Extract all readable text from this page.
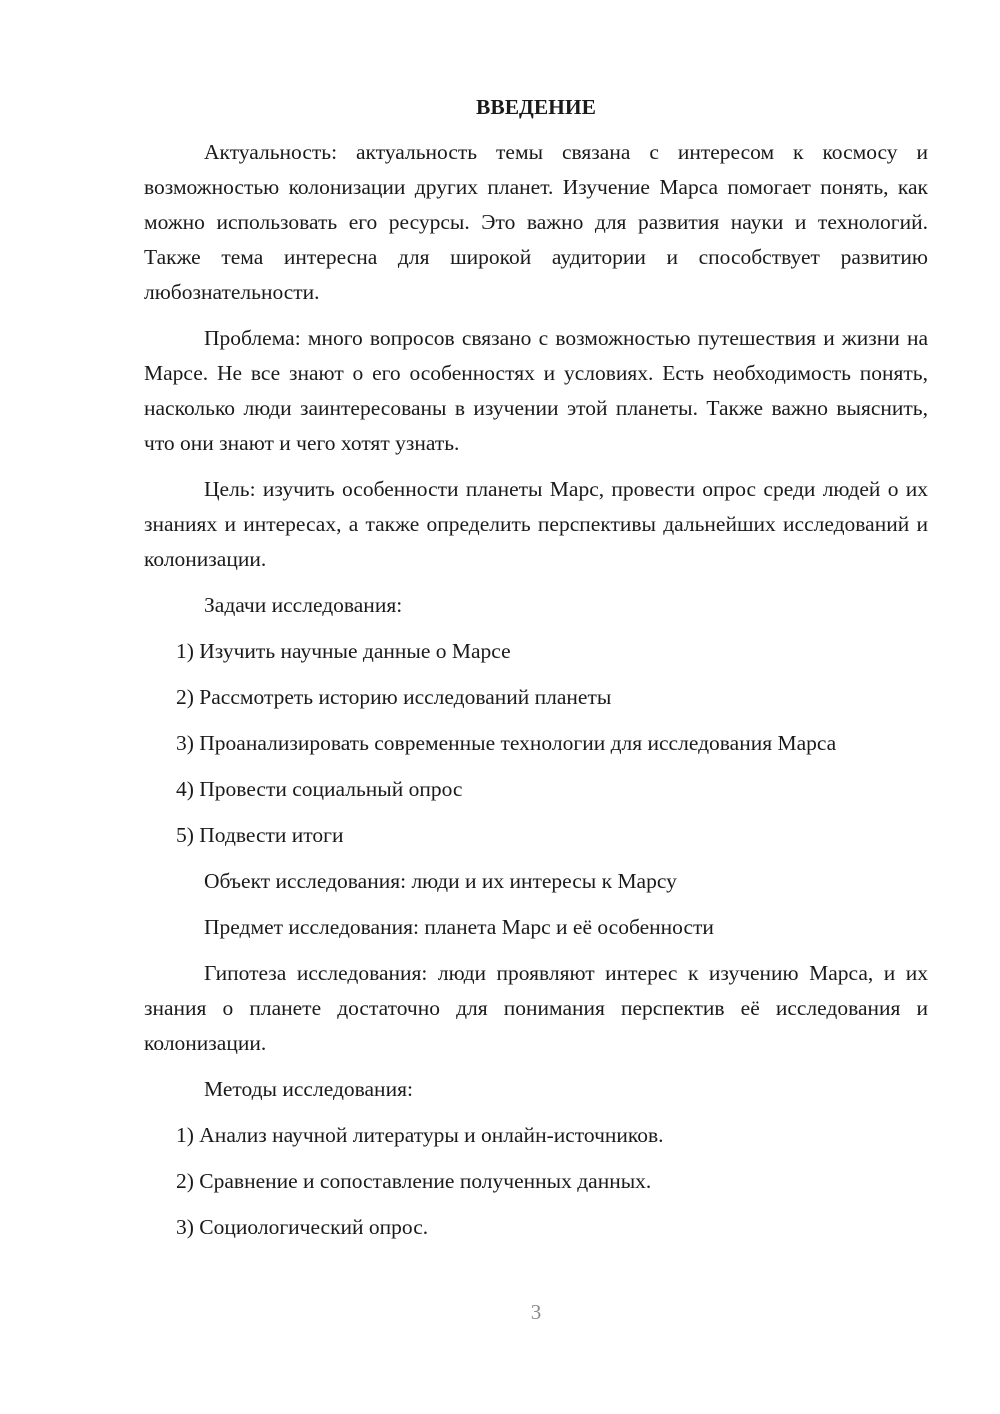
ВВЕДЕНИЕ

Актуальность: актуальность темы связана с интересом к космосу и возможностью колонизации других планет. Изучение Марса помогает понять, как можно использовать его ресурсы. Это важно для развития науки и технологий. Также тема интересна для широкой аудитории и способствует развитию любознательности.

Проблема: много вопросов связано с возможностью путешествия и жизни на Марсе. Не все знают о его особенностях и условиях. Есть необходимость понять, насколько люди заинтересованы в изучении этой планеты. Также важно выяснить, что они знают и чего хотят узнать.

Цель: изучить особенности планеты Марс, провести опрос среди людей о их знаниях и интересах, а также определить перспективы дальнейших исследований и колонизации.

Задачи исследования:

1) Изучить научные данные о Марсе

2) Рассмотреть историю исследований планеты

3) Проанализировать современные технологии для исследования Марса

4) Провести социальный опрос

5) Подвести итоги

Объект исследования: люди и их интересы к Марсу

Предмет исследования: планета Марс и её особенности

Гипотеза исследования: люди проявляют интерес к изучению Марса, и их знания о планете достаточно для понимания перспектив её исследования и колонизации.

Методы исследования:

1) Анализ научной литературы и онлайн-источников.

2) Сравнение и сопоставление полученных данных.

3) Социологический опрос.

3
